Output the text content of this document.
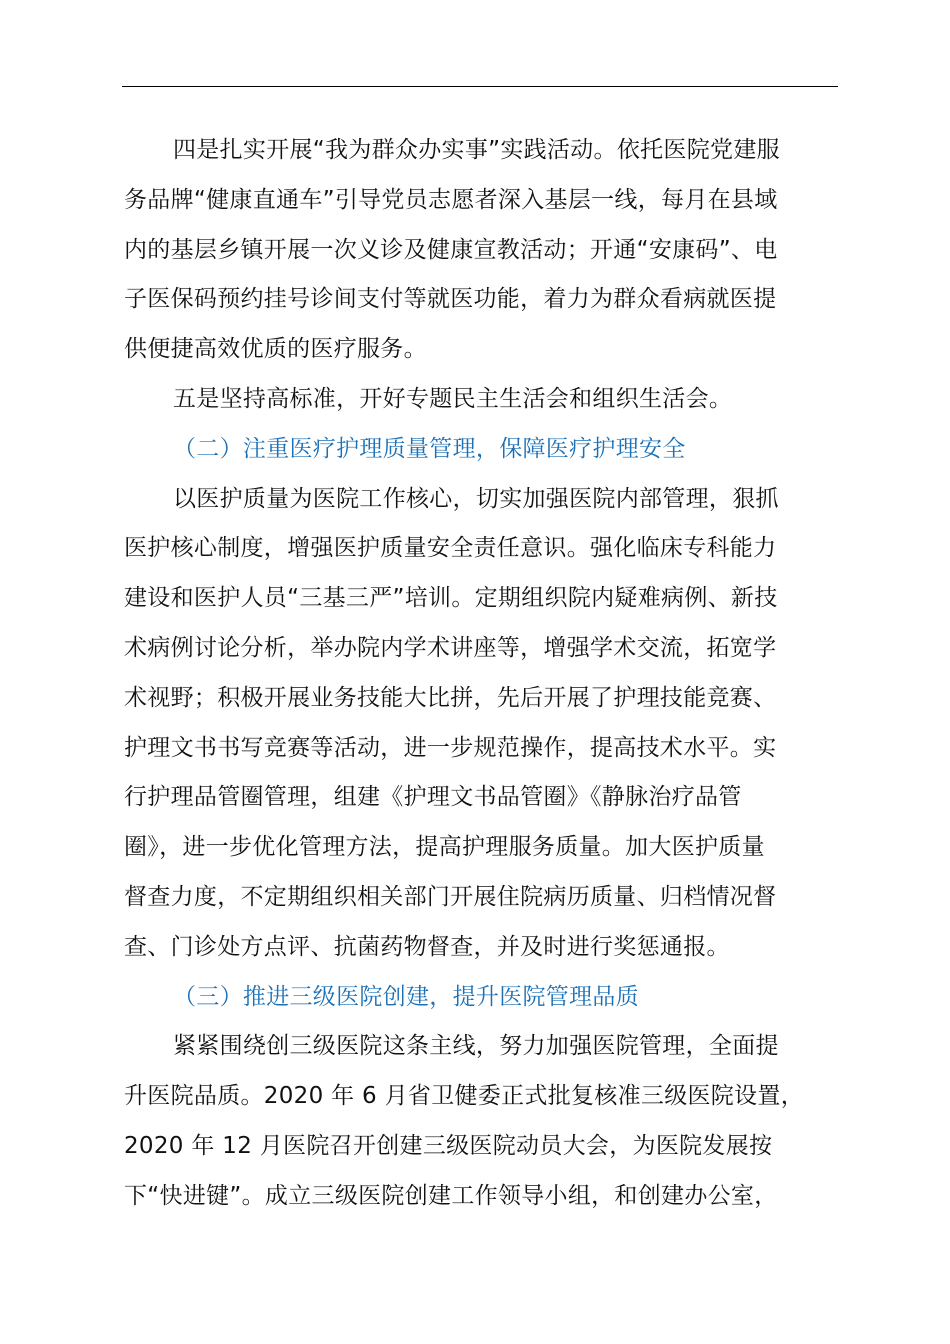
四是扎实开展“我为群众办实事”实践活动。依托医院党建服
务品牌“健康直通车”引导党员志愿者深入基层一线，每月在县域
内的基层乡镇开展一次义诊及健康宣教活动；开通“安康码”、电
子医保码预约挂号诊间支付等就医功能，着力为群众看病就医提
供便捷高效优质的医疗服务。
五是坚持高标准，开好专题民主生活会和组织生活会。
（二）注重医疗护理质量管理，保障医疗护理安全
以医护质量为医院工作核心，切实加强医院内部管理，狠抓
医护核心制度，增强医护质量安全责任意识。强化临床专科能力
建设和医护人员“三基三严”培训。定期组织院内疑难病例、新技
术病例讨论分析，举办院内学术讲座等，增强学术交流，拓宽学
术视野；积极开展业务技能大比拼，先后开展了护理技能竞赛、
护理文书书写竞赛等活动，进一步规范操作，提高技术水平。实
行护理品管圈管理，组建《护理文书品管圈》《静脉治疗品管
圈》，进一步优化管理方法，提高护理服务质量。加大医护质量
督查力度，不定期组织相关部门开展住院病历质量、归档情况督
查、门诊处方点评、抗菌药物督查，并及时进行奖惩通报。
（三）推进三级医院创建，提升医院管理品质
紧紧围绕创三级医院这条主线，努力加强医院管理，全面提
升医院品质。2020 年 6 月省卫健委正式批复核准三级医院设置，
2020 年 12 月医院召开创建三级医院动员大会，为医院发展按
下“快进键”。成立三级医院创建工作领导小组，和创建办公室，
